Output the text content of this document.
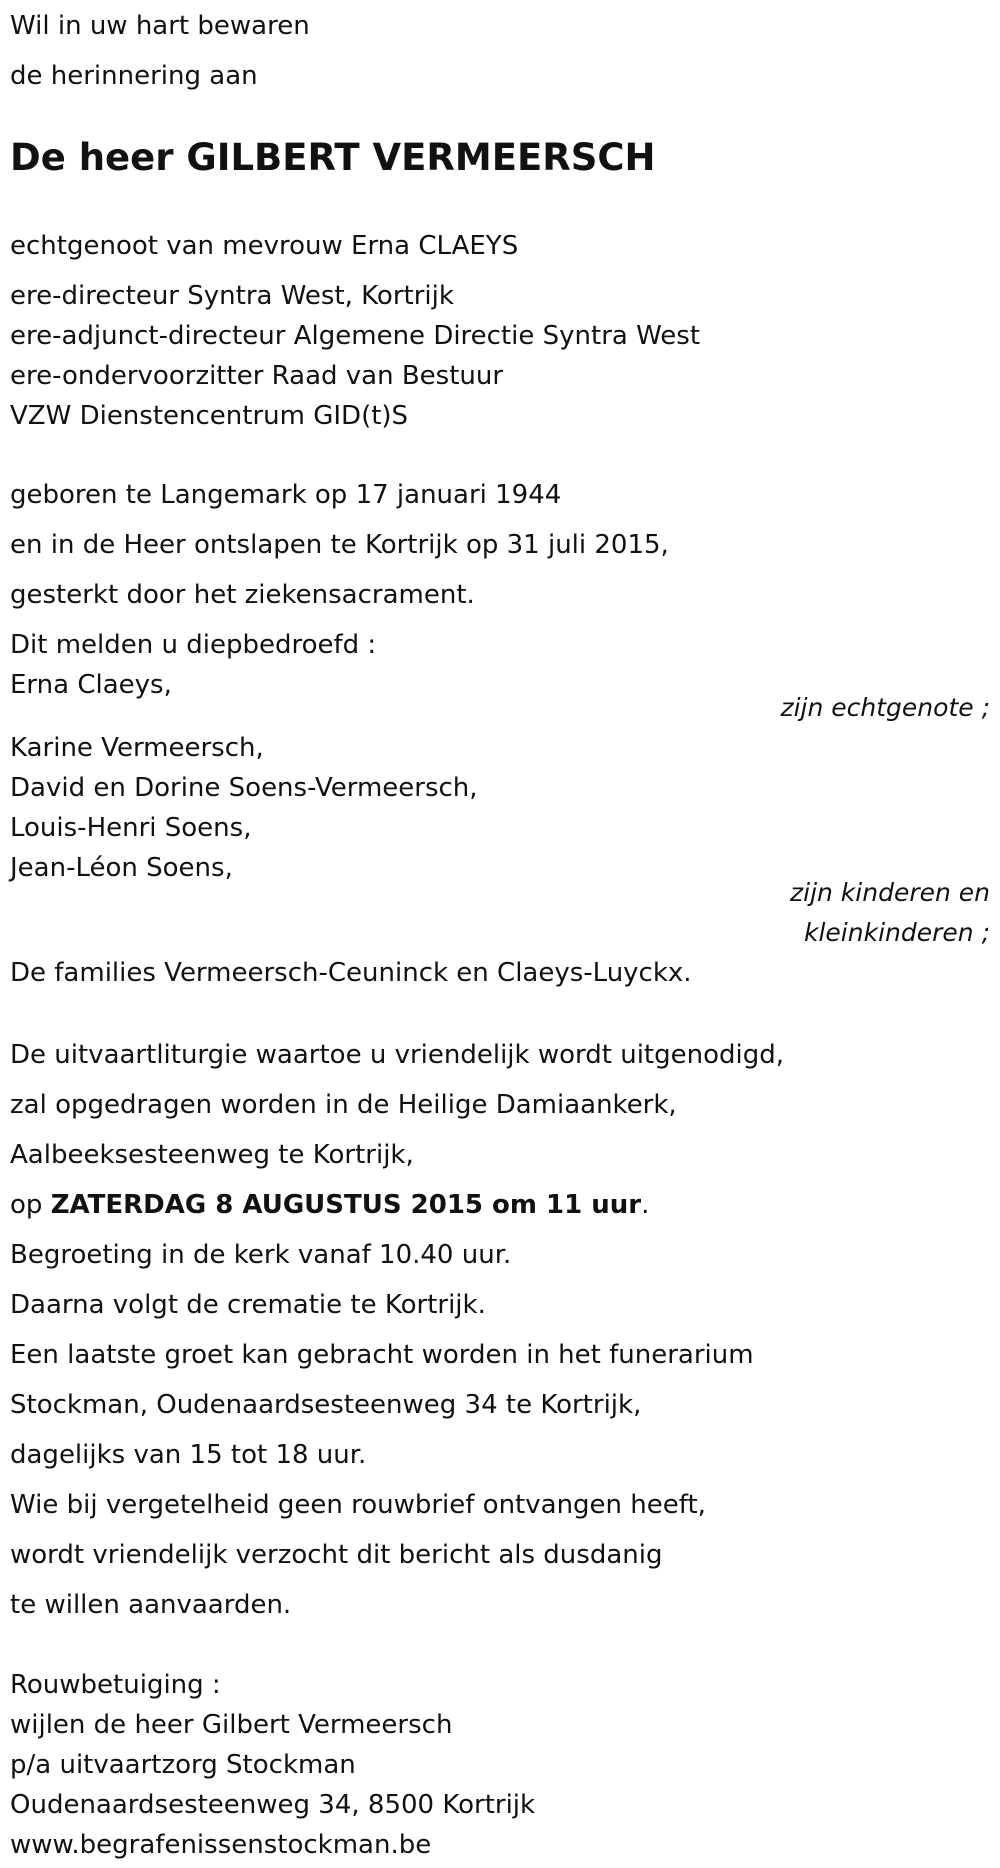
Wil in uw hart bewaren
de herinnering aan
De heer GILBERT VERMEERSCH
echtgenoot van mevrouw Erna CLAEYS
ere-directeur Syntra West, Kortrijk
ere-adjunct-directeur Algemene Directie Syntra West
ere-ondervoorzitter Raad van Bestuur
VZW Dienstencentrum GID(t)S
geboren te Langemark op 17 januari 1944
en in de Heer ontslapen te Kortrijk op 31 juli 2015,
gesterkt door het ziekensacrament.
Dit melden u diepbedroefd :
Erna Claeys,
zijn echtgenote ;
Karine Vermeersch,
David en Dorine Soens-Vermeersch,
Louis-Henri Soens,
Jean-Léon Soens,
zijn kinderen en
kleinkinderen ;
De families Vermeersch-Ceuninck en Claeys-Luyckx.
De uitvaartliturgie waartoe u vriendelijk wordt uitgenodigd,
zal opgedragen worden in de Heilige Damiaankerk,
Aalbeeksesteenweg te Kortrijk,
op ZATERDAG 8 AUGUSTUS 2015 om 11 uur.
Begroeting in de kerk vanaf 10.40 uur.
Daarna volgt de crematie te Kortrijk.
Een laatste groet kan gebracht worden in het funerarium
Stockman, Oudenaardsesteenweg 34 te Kortrijk,
dagelijks van 15 tot 18 uur.
Wie bij vergetelheid geen rouwbrief ontvangen heeft,
wordt vriendelijk verzocht dit bericht als dusdanig
te willen aanvaarden.
Rouwbetuiging :
wijlen de heer Gilbert Vermeersch
p/a uitvaartzorg Stockman
Oudenaardsesteenweg 34, 8500 Kortrijk
www.begrafenissenstockman.be
